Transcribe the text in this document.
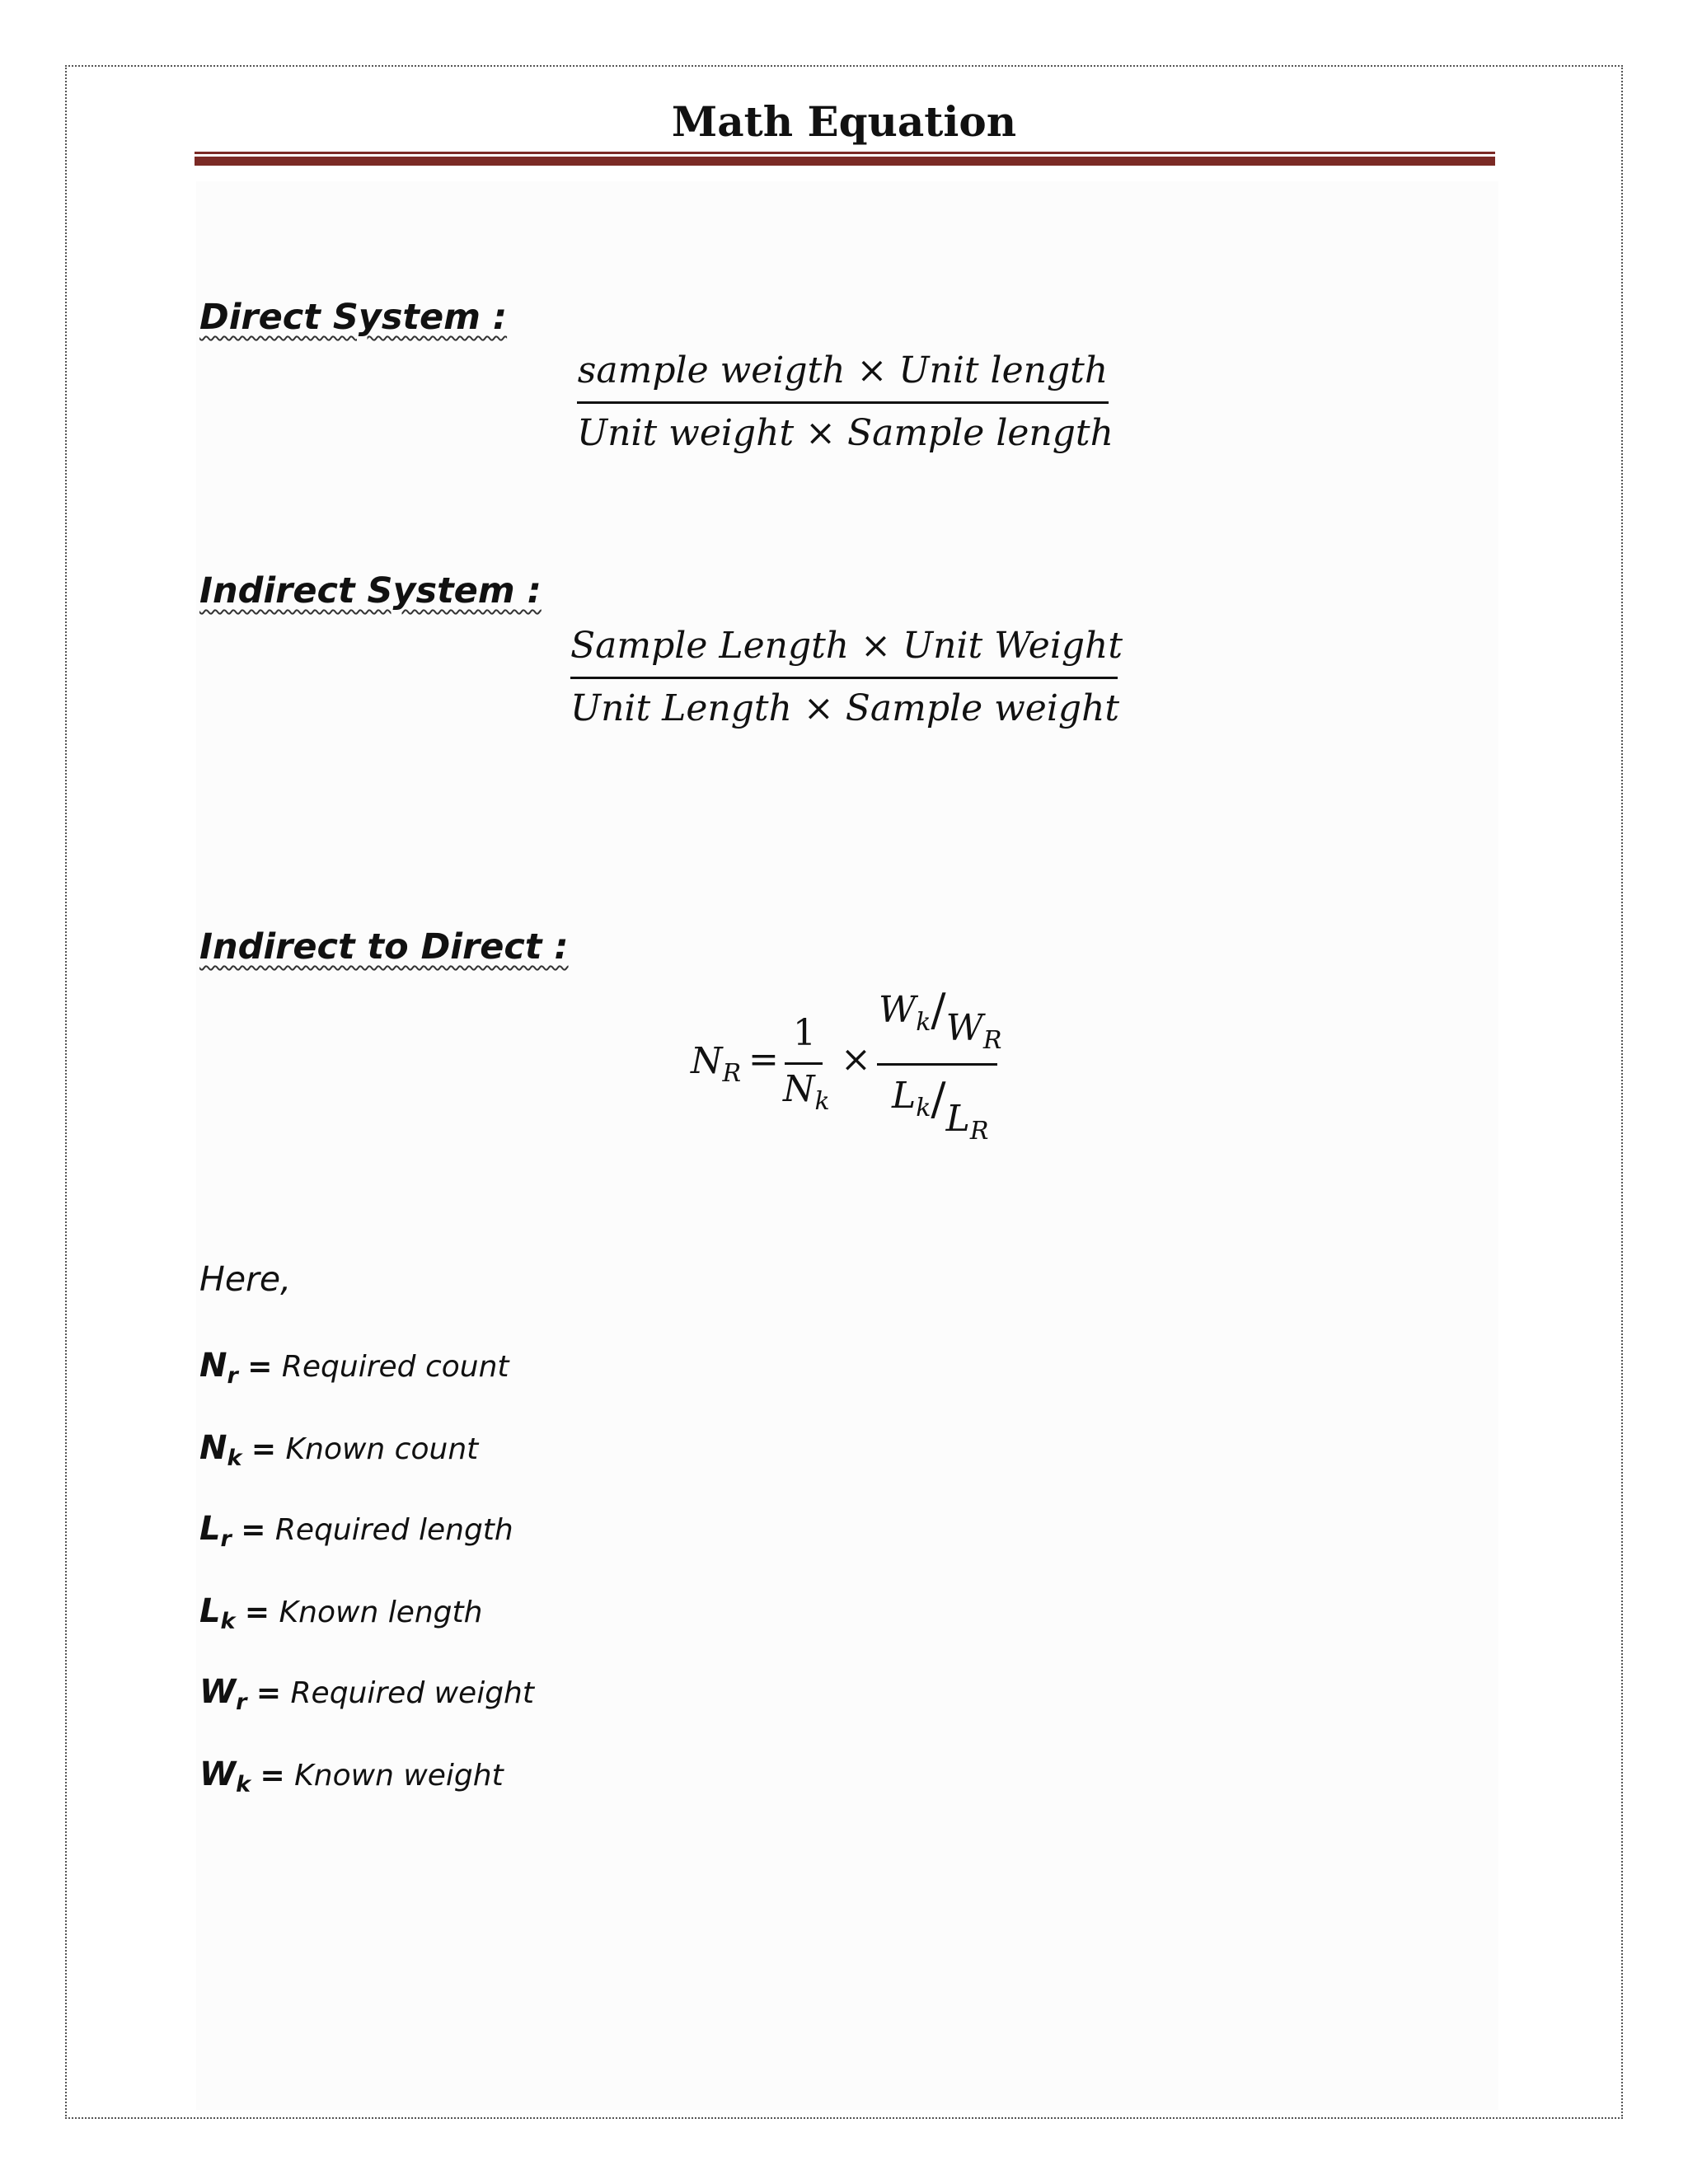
Math Equation
Direct System :
sample weigth × Unit length
Unit weight × Sample length
Indirect System :
Sample Length × Unit Weight
Unit Length × Sample weight
Indirect to Direct :
$N_R$ =
1
$N_k$
×
$W_k/W_R$
$L_k/L_R$
Here,
$N_r$ = Required count
$N_k$ = Known count
$L_r$ = Required length
$L_k$ = Known length
$W_r$ = Required weight
$W_k$ = Known weight
